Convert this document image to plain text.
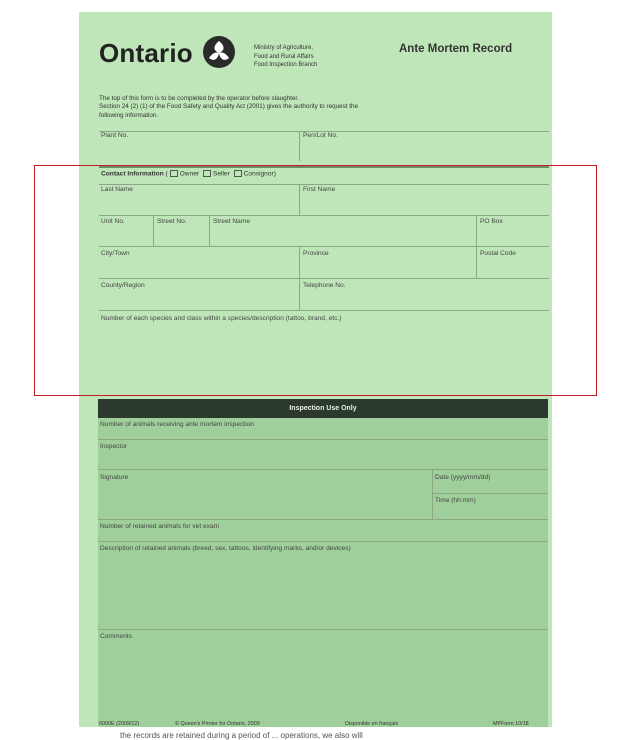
Ontario	Ministry of Agriculture,
Food and Rural Affairs
Food Inspection Branch
Ante Mortem Record
The top of this form is to be completed by the operator before slaughter.
Section 24 (2) (1) of the Food Safety and Quality Act (2001) gives the authority to request the
following information.
Plant No.	Pen/Lot No.
Contact Information ( Owner Seller Consignor)
Last Name	First Name
Unit No.	Street No.	Street Name	PO Box
City/Town	Province	Postal Code
County/Region	Telephone No.
Number of each species and class within a species/description (tattoo, brand, etc.)
Inspection Use Only
Number of animals receiving ante mortem inspection
Inspector
Signature	Date (yyyy/mm/dd)
Time (hh:mm)
Number of retained animals for vet exam
Description of retained animals (breed, sex, tattoos, identifying marks, and/or devices)
Comments
0000E (2009/12)	© Queen's Printer for Ontario, 2009	Disponible en français	MPForm 10/18
the records are retained during a period of ... operations, we also will
